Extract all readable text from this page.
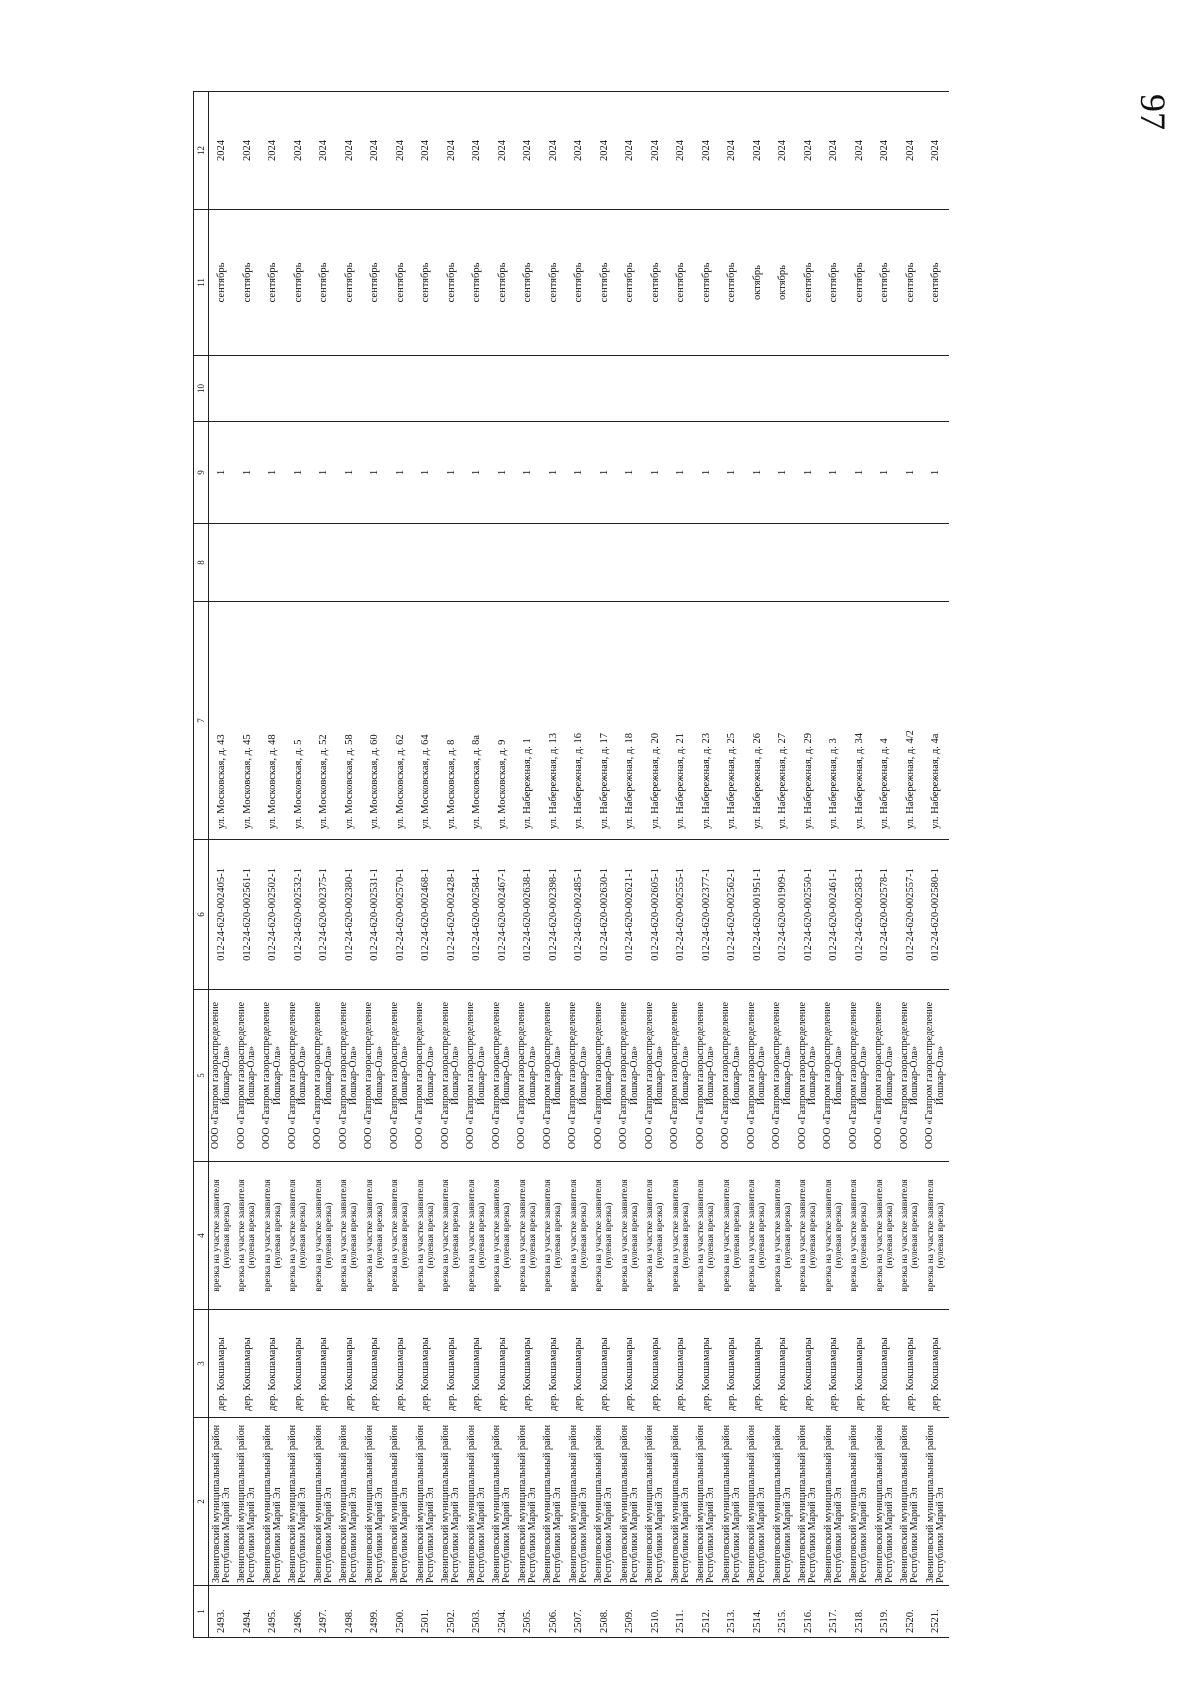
97
1	2	3	4	5	6	7	8	9	10	11	12
2493.	Звениговский муниципальный район Республики Марий Эл	дер. Кокшамары	врезка на участке заявителя (нулевая врезка)	ООО «Газпром газораспределение Йошкар-Ола»	012-24-620-002405-1	ул. Московская, д. 43		1		сентябрь	2024
2494.	Звениговский муниципальный район Республики Марий Эл	дер. Кокшамары	врезка на участке заявителя (нулевая врезка)	ООО «Газпром газораспределение Йошкар-Ола»	012-24-620-002561-1	ул. Московская, д. 45		1		сентябрь	2024
2495.	Звениговский муниципальный район Республики Марий Эл	дер. Кокшамары	врезка на участке заявителя (нулевая врезка)	ООО «Газпром газораспределение Йошкар-Ола»	012-24-620-002502-1	ул. Московская, д. 48		1		сентябрь	2024
2496.	Звениговский муниципальный район Республики Марий Эл	дер. Кокшамары	врезка на участке заявителя (нулевая врезка)	ООО «Газпром газораспределение Йошкар-Ола»	012-24-620-002532-1	ул. Московская, д. 5		1		сентябрь	2024
2497.	Звениговский муниципальный район Республики Марий Эл	дер. Кокшамары	врезка на участке заявителя (нулевая врезка)	ООО «Газпром газораспределение Йошкар-Ола»	012-24-620-002375-1	ул. Московская, д. 52		1		сентябрь	2024
2498.	Звениговский муниципальный район Республики Марий Эл	дер. Кокшамары	врезка на участке заявителя (нулевая врезка)	ООО «Газпром газораспределение Йошкар-Ола»	012-24-620-002380-1	ул. Московская, д. 58		1		сентябрь	2024
2499.	Звениговский муниципальный район Республики Марий Эл	дер. Кокшамары	врезка на участке заявителя (нулевая врезка)	ООО «Газпром газораспределение Йошкар-Ола»	012-24-620-002531-1	ул. Московская, д. 60		1		сентябрь	2024
2500.	Звениговский муниципальный район Республики Марий Эл	дер. Кокшамары	врезка на участке заявителя (нулевая врезка)	ООО «Газпром газораспределение Йошкар-Ола»	012-24-620-002570-1	ул. Московская, д. 62		1		сентябрь	2024
2501.	Звениговский муниципальный район Республики Марий Эл	дер. Кокшамары	врезка на участке заявителя (нулевая врезка)	ООО «Газпром газораспределение Йошкар-Ола»	012-24-620-002468-1	ул. Московская, д. 64		1		сентябрь	2024
2502.	Звениговский муниципальный район Республики Марий Эл	дер. Кокшамары	врезка на участке заявителя (нулевая врезка)	ООО «Газпром газораспределение Йошкар-Ола»	012-24-620-002428-1	ул. Московская, д. 8		1		сентябрь	2024
2503.	Звениговский муниципальный район Республики Марий Эл	дер. Кокшамары	врезка на участке заявителя (нулевая врезка)	ООО «Газпром газораспределение Йошкар-Ола»	012-24-620-002584-1	ул. Московская, д. 8а		1		сентябрь	2024
2504.	Звениговский муниципальный район Республики Марий Эл	дер. Кокшамары	врезка на участке заявителя (нулевая врезка)	ООО «Газпром газораспределение Йошкар-Ола»	012-24-620-002467-1	ул. Московская, д. 9		1		сентябрь	2024
2505.	Звениговский муниципальный район Республики Марий Эл	дер. Кокшамары	врезка на участке заявителя (нулевая врезка)	ООО «Газпром газораспределение Йошкар-Ола»	012-24-620-002638-1	ул. Набережная, д. 1		1		сентябрь	2024
2506.	Звениговский муниципальный район Республики Марий Эл	дер. Кокшамары	врезка на участке заявителя (нулевая врезка)	ООО «Газпром газораспределение Йошкар-Ола»	012-24-620-002398-1	ул. Набережная, д. 13		1		сентябрь	2024
2507.	Звениговский муниципальный район Республики Марий Эл	дер. Кокшамары	врезка на участке заявителя (нулевая врезка)	ООО «Газпром газораспределение Йошкар-Ола»	012-24-620-002485-1	ул. Набережная, д. 16		1		сентябрь	2024
2508.	Звениговский муниципальный район Республики Марий Эл	дер. Кокшамары	врезка на участке заявителя (нулевая врезка)	ООО «Газпром газораспределение Йошкар-Ола»	012-24-620-002630-1	ул. Набережная, д. 17		1		сентябрь	2024
2509.	Звениговский муниципальный район Республики Марий Эл	дер. Кокшамары	врезка на участке заявителя (нулевая врезка)	ООО «Газпром газораспределение Йошкар-Ола»	012-24-620-002621-1	ул. Набережная, д. 18		1		сентябрь	2024
2510.	Звениговский муниципальный район Республики Марий Эл	дер. Кокшамары	врезка на участке заявителя (нулевая врезка)	ООО «Газпром газораспределение Йошкар-Ола»	012-24-620-002605-1	ул. Набережная, д. 20		1		сентябрь	2024
2511.	Звениговский муниципальный район Республики Марий Эл	дер. Кокшамары	врезка на участке заявителя (нулевая врезка)	ООО «Газпром газораспределение Йошкар-Ола»	012-24-620-002555-1	ул. Набережная, д. 21		1		сентябрь	2024
2512.	Звениговский муниципальный район Республики Марий Эл	дер. Кокшамары	врезка на участке заявителя (нулевая врезка)	ООО «Газпром газораспределение Йошкар-Ола»	012-24-620-002377-1	ул. Набережная, д. 23		1		сентябрь	2024
2513.	Звениговский муниципальный район Республики Марий Эл	дер. Кокшамары	врезка на участке заявителя (нулевая врезка)	ООО «Газпром газораспределение Йошкар-Ола»	012-24-620-002562-1	ул. Набережная, д. 25		1		сентябрь	2024
2514.	Звениговский муниципальный район Республики Марий Эл	дер. Кокшамары	врезка на участке заявителя (нулевая врезка)	ООО «Газпром газораспределение Йошкар-Ола»	012-24-620-001951-1	ул. Набережная, д. 26		1		октябрь	2024
2515.	Звениговский муниципальный район Республики Марий Эл	дер. Кокшамары	врезка на участке заявителя (нулевая врезка)	ООО «Газпром газораспределение Йошкар-Ола»	012-24-620-001909-1	ул. Набережная, д. 27		1		октябрь	2024
2516.	Звениговский муниципальный район Республики Марий Эл	дер. Кокшамары	врезка на участке заявителя (нулевая врезка)	ООО «Газпром газораспределение Йошкар-Ола»	012-24-620-002550-1	ул. Набережная, д. 29		1		сентябрь	2024
2517.	Звениговский муниципальный район Республики Марий Эл	дер. Кокшамары	врезка на участке заявителя (нулевая врезка)	ООО «Газпром газораспределение Йошкар-Ола»	012-24-620-002461-1	ул. Набережная, д. 3		1		сентябрь	2024
2518.	Звениговский муниципальный район Республики Марий Эл	дер. Кокшамары	врезка на участке заявителя (нулевая врезка)	ООО «Газпром газораспределение Йошкар-Ола»	012-24-620-002583-1	ул. Набережная, д. 34		1		сентябрь	2024
2519.	Звениговский муниципальный район Республики Марий Эл	дер. Кокшамары	врезка на участке заявителя (нулевая врезка)	ООО «Газпром газораспределение Йошкар-Ола»	012-24-620-002578-1	ул. Набережная, д. 4		1		сентябрь	2024
2520.	Звениговский муниципальный район Республики Марий Эл	дер. Кокшамары	врезка на участке заявителя (нулевая врезка)	ООО «Газпром газораспределение Йошкар-Ола»	012-24-620-002557-1	ул. Набережная, д. 4/2		1		сентябрь	2024
2521.	Звениговский муниципальный район Республики Марий Эл	дер. Кокшамары	врезка на участке заявителя (нулевая врезка)	ООО «Газпром газораспределение Йошкар-Ола»	012-24-620-002580-1	ул. Набережная, д. 4а		1		сентябрь	2024
